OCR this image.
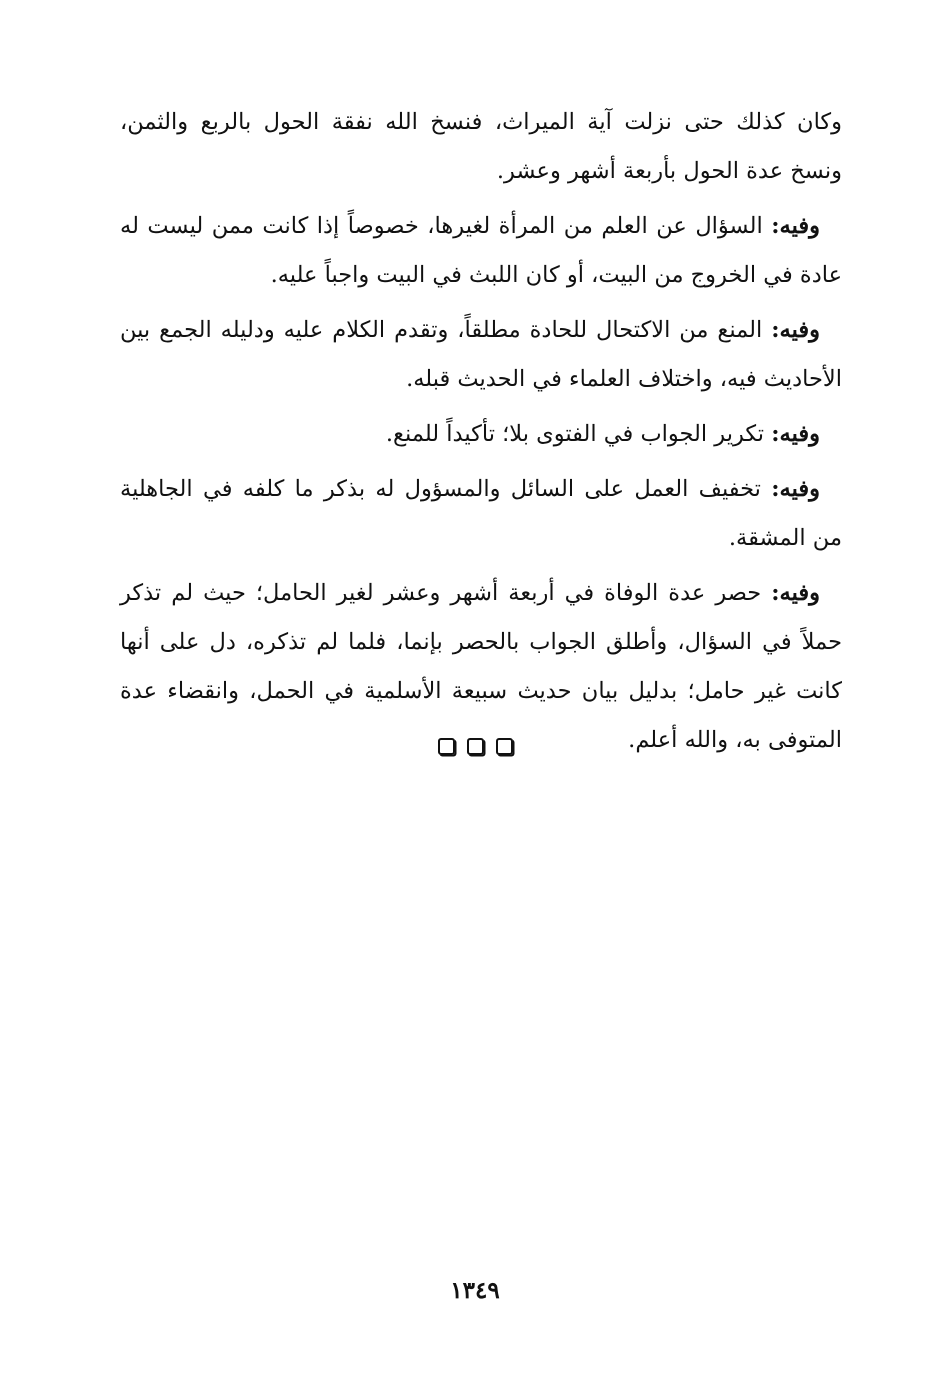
وكان كذلك حتى نزلت آية الميراث، فنسخ الله نفقة الحول بالربع والثمن، ونسخ عدة الحول بأربعة أشهر وعشر.

وفيه: السؤال عن العلم من المرأة لغيرها، خصوصاً إذا كانت ممن ليست له عادة في الخروج من البيت، أو كان اللبث في البيت واجباً عليه.

وفيه: المنع من الاكتحال للحادة مطلقاً، وتقدم الكلام عليه ودليله الجمع بين الأحاديث فيه، واختلاف العلماء في الحديث قبله.

وفيه: تكرير الجواب في الفتوى بلا؛ تأكيداً للمنع.

وفيه: تخفيف العمل على السائل والمسؤول له بذكر ما كلفه في الجاهلية من المشقة.

وفيه: حصر عدة الوفاة في أربعة أشهر وعشر لغير الحامل؛ حيث لم تذكر حملاً في السؤال، وأطلق الجواب بالحصر بإنما، فلما لم تذكره، دل على أنها كانت غير حامل؛ بدليل بيان حديث سبيعة الأسلمية في الحمل، وانقضاء عدة المتوفى به، والله أعلم.

١٣٤٩
